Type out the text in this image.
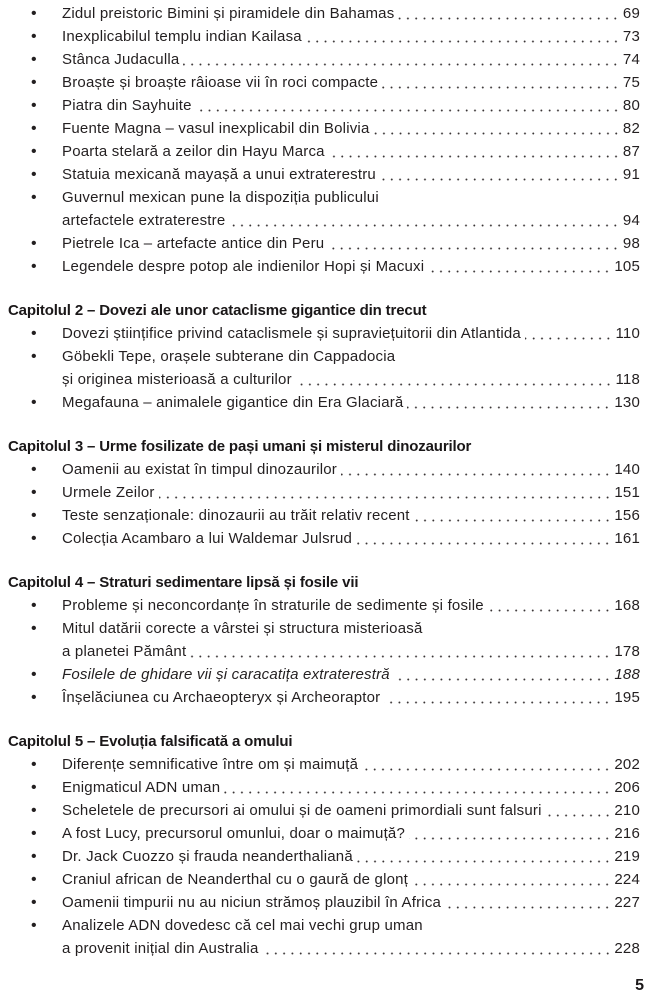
• Zidul preistoric Bimini și piramidele din Bahamas	69
• Inexplicabilul templu indian Kailasa	73
• Stânca Judaculla	74
• Broaște și broaște râioase vii în roci compacte	75
• Piatra din Sayhuite	80
• Fuente Magna – vasul inexplicabil din Bolivia	82
• Poarta stelară a zeilor din Hayu Marca	87
• Statuia mexicană mayașă a unui extraterestru	91
• Guvernul mexican pune la dispoziția publicului
artefactele extraterestre	94
• Pietrele Ica – artefacte antice din Peru	98
• Legendele despre potop ale indienilor Hopi și Macuxi	105
Capitolul 2 – Dovezi ale unor cataclisme gigantice din trecut
• Dovezi științifice privind cataclismele și supraviețuitorii din Atlantida	110
• Göbekli Tepe, orașele subterane din Cappadocia
și originea misterioasă a culturilor	118
• Megafauna – animalele gigantice din Era Glaciară	130
Capitolul 3 – Urme fosilizate de pași umani și misterul dinozaurilor
• Oamenii au existat în timpul dinozaurilor	140
• Urmele Zeilor	151
• Teste senzaționale: dinozaurii au trăit relativ recent	156
• Colecția Acambaro a lui Waldemar Julsrud	161
Capitolul 4 – Straturi sedimentare lipsă și fosile vii
• Probleme și neconcordanțe în straturile de sedimente și fosile	168
• Mitul datării corecte a vârstei și structura misterioasă
a planetei Pământ	178
• Fosilele de ghidare vii și caracatița extraterestră	188
• Înșelăciunea cu Archaeopteryx și Archeoraptor	195
Capitolul 5 – Evoluția falsificată a omului
• Diferențe semnificative între om și maimuță	202
• Enigmaticul ADN uman	206
• Scheletele de precursori ai omului și de oameni primordiali sunt falsuri	210
• A fost Lucy, precursorul omunlui, doar o maimuță?	216
• Dr. Jack Cuozzo și frauda neanderthaliană	219
• Craniul african de Neanderthal cu o gaură de glonț	224
• Oamenii timpurii nu au niciun strămoș plauzibil în Africa	227
• Analizele ADN dovedesc că cel mai vechi grup uman
a provenit inițial din Australia	228
5
